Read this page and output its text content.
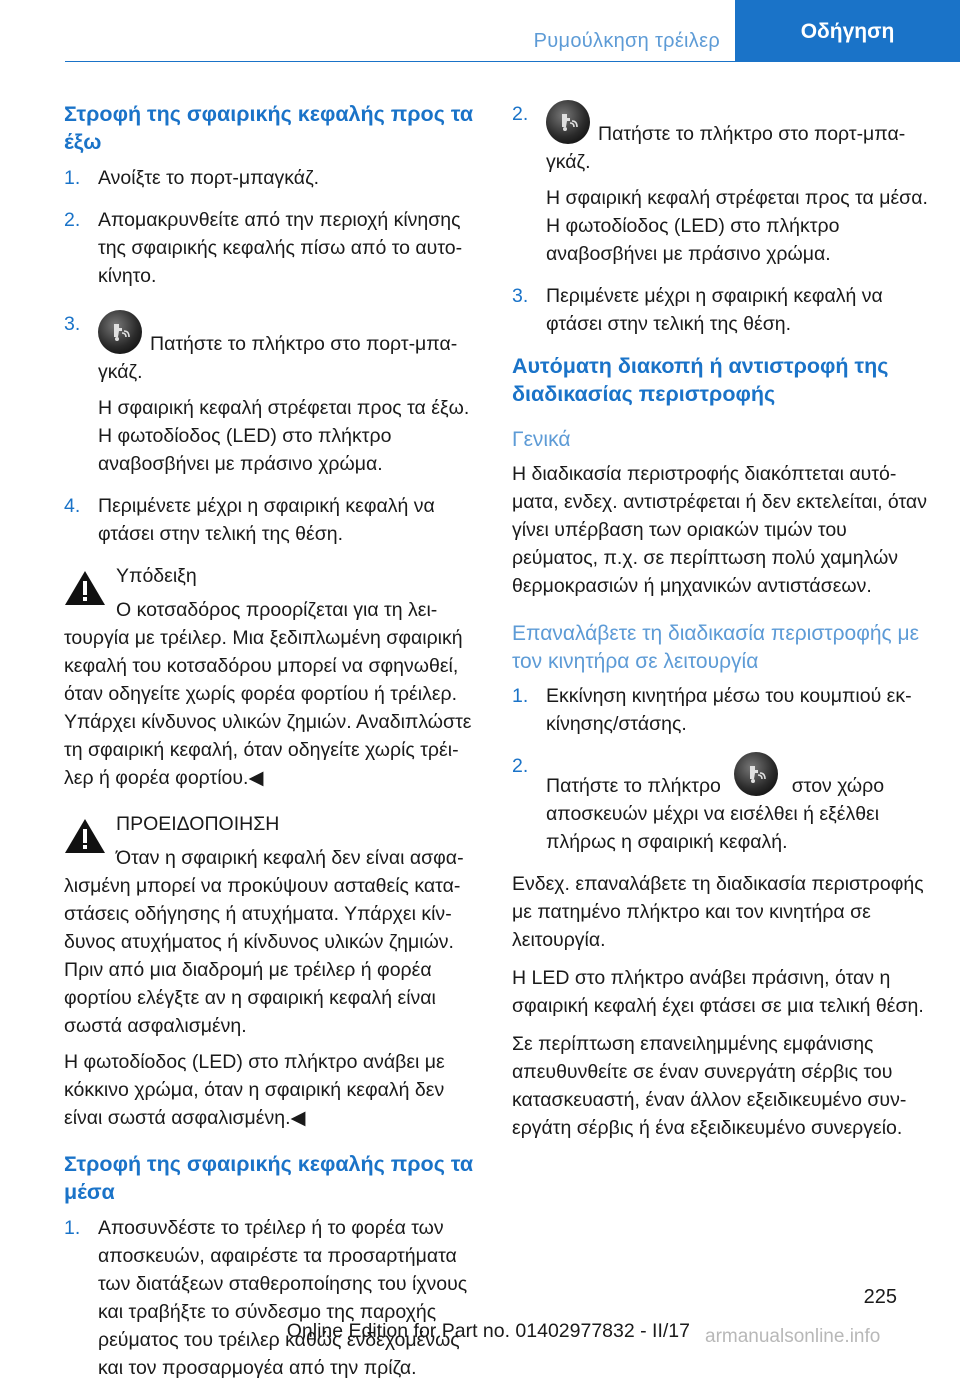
Ρυμούλκηση τρέιλερ	Οδήγηση
Στροφή της σφαιρικής κεφαλής προς τα έξω
1. Ανοίξτε το πορτ-μπαγκάζ.
2. Απομακρυνθείτε από την περιοχή κίνησης της σφαιρικής κεφαλής πίσω από το αυτοκίνητο.
3.

Πατήστε το πλήκτρο στο πορτ-μπαγκάζ.

Η σφαιρική κεφαλή στρέφεται προς τα έξω. Η φωτοδίοδος (LED) στο πλήκτρο αναβοσβήνει με πράσινο χρώμα.

4. Περιμένετε μέχρι η σφαιρική κεφαλή να φτάσει στην τελική της θέση.
Υπόδειξη
Ο κοτσαδόρος προορίζεται για τη λειτουργία με τρέιλερ. Μια ξεδιπλωμένη σφαιρική κεφαλή του κοτσαδόρου μπορεί να σφηνωθεί, όταν οδηγείτε χωρίς φορέα φορτίου ή τρέιλερ. Υπάρχει κίνδυνος υλικών ζημιών. Αναδιπλώστε τη σφαιρική κεφαλή, όταν οδηγείτε χωρίς τρέιλερ ή φορέα φορτίου.◀
ΠΡΟΕΙΔΟΠΟΙΗΣΗ
Όταν η σφαιρική κεφαλή δεν είναι ασφαλισμένη μπορεί να προκύψουν ασταθείς καταστάσεις οδήγησης ή ατυχήματα. Υπάρχει κίνδυνος ατυχήματος ή κίνδυνος υλικών ζημιών. Πριν από μια διαδρομή με τρέιλερ ή φορέα φορτίου ελέγξτε αν η σφαιρική κεφαλή είναι σωστά ασφαλισμένη.

Η φωτοδίοδος (LED) στο πλήκτρο ανάβει με κόκκινο χρώμα, όταν η σφαιρική κεφαλή δεν είναι σωστά ασφαλισμένη.◀

Στροφή της σφαιρικής κεφαλής προς τα μέσα
1. Αποσυνδέστε το τρέιλερ ή το φορέα των αποσκευών, αφαιρέστε τα προσαρτήματα των διατάξεων σταθεροποίησης του ίχνους και τραβήξτε το σύνδεσμο της παροχής ρεύματος του τρέιλερ καθώς ενδεχομένως και τον προσαρμογέα από την πρίζα.
2.

Πατήστε το πλήκτρο στο πορτ-μπαγκάζ.

Η σφαιρική κεφαλή στρέφεται προς τα μέσα. Η φωτοδίοδος (LED) στο πλήκτρο αναβοσβήνει με πράσινο χρώμα.

3. Περιμένετε μέχρι η σφαιρική κεφαλή να φτάσει στην τελική της θέση.
Αυτόματη διακοπή ή αντιστροφή της διαδικασίας περιστροφής
Γενικά

Η διαδικασία περιστροφής διακόπτεται αυτόματα, ενδεχ. αντιστρέφεται ή δεν εκτελείται, όταν γίνει υπέρβαση των οριακών τιμών του ρεύματος, π.χ. σε περίπτωση πολύ χαμηλών θερμοκρασιών ή μηχανικών αντιστάσεων.

Επαναλάβετε τη διαδικασία περιστροφής με τον κινητήρα σε λειτουργία
1. Εκκίνηση κινητήρα μέσω του κουμπιού εκκίνησης/στάσης.
2.
Πατήστε το πλήκτρο	στον χώρο αποσκευών μέχρι να εισέλθει ή εξέλθει πλήρως η σφαιρική κεφαλή.

Ενδεχ. επαναλάβετε τη διαδικασία περιστροφής με πατημένο πλήκτρο και τον κινητήρα σε λειτουργία.

Η LED στο πλήκτρο ανάβει πράσινη, όταν η σφαιρική κεφαλή έχει φτάσει σε μια τελική θέση.

Σε περίπτωση επανειλημμένης εμφάνισης απευθυνθείτε σε έναν συνεργάτη σέρβις του κατασκευαστή, έναν άλλον εξειδικευμένο συνεργάτη σέρβις ή ένα εξειδικευμένο συνεργείο.

225
Online Edition for Part no. 01402977832 - II/17 armanualsonline.info
